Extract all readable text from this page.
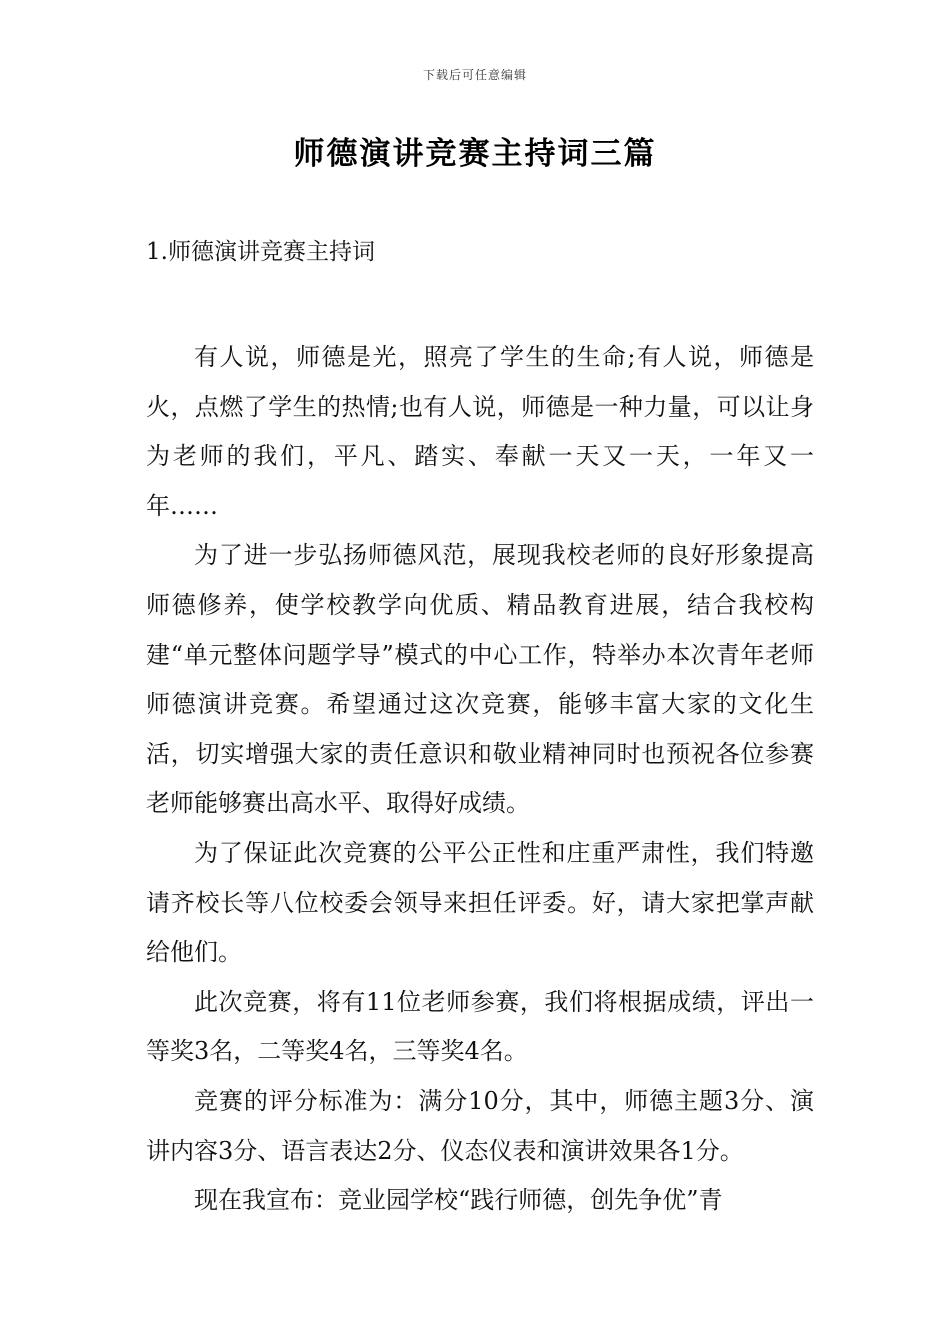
下载后可任意编辑
师德演讲竞赛主持词三篇
1.师德演讲竞赛主持词

有人说，师德是光，照亮了学生的生命;有人说，师德是火，点燃了学生的热情;也有人说，师德是一种力量，可以让身为老师的我们，平凡、踏实、奉献一天又一天，一年又一年……

为了进一步弘扬师德风范，展现我校老师的良好形象提高师德修养，使学校教学向优质、精品教育进展，结合我校构建“单元整体问题学导”模式的中心工作，特举办本次青年老师师德演讲竞赛。希望通过这次竞赛，能够丰富大家的文化生活，切实增强大家的责任意识和敬业精神同时也预祝各位参赛老师能够赛出高水平、取得好成绩。

为了保证此次竞赛的公平公正性和庄重严肃性，我们特邀请齐校长等八位校委会领导来担任评委。好，请大家把掌声献给他们。

此次竞赛，将有11位老师参赛，我们将根据成绩，评出一等奖3名，二等奖4名，三等奖4名。

竞赛的评分标准为：满分10分，其中，师德主题3分、演讲内容3分、语言表达2分、仪态仪表和演讲效果各1分。

现在我宣布：竞业园学校“践行师德，创先争优”青
